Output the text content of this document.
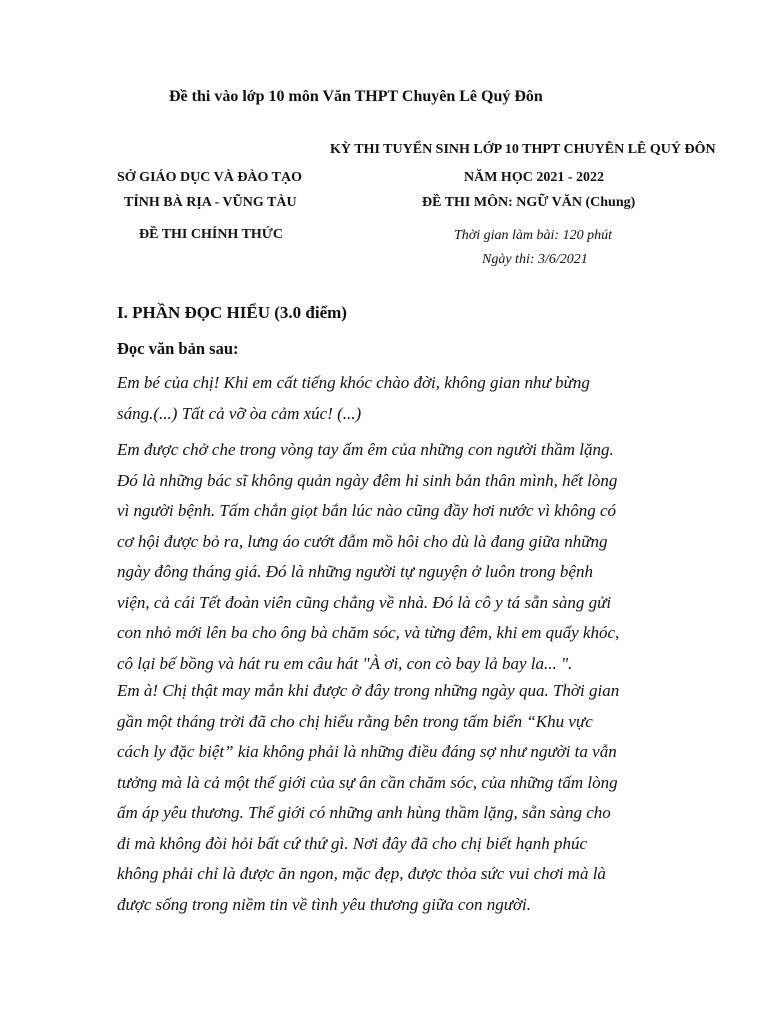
Đề thi vào lớp 10 môn Văn THPT Chuyên Lê Quý Đôn
KỲ THI TUYỂN SINH LỚP 10 THPT CHUYÊN LÊ QUÝ ĐÔN
SỞ GIÁO DỤC VÀ ĐÀO TẠO	NĂM HỌC 2021 - 2022
TỈNH BÀ RỊA - VŨNG TÀU	ĐỀ THI MÔN: NGỮ VĂN (Chung)
ĐỀ THI CHÍNH THỨC	Thời gian làm bài: 120 phút
Ngày thi: 3/6/2021
I. PHẦN ĐỌC HIỂU (3.0 điểm)
Đọc văn bản sau:
Em bé của chị! Khi em cất tiếng khóc chào đời, không gian như bừng
sáng.(...) Tất cả vỡ òa cảm xúc! (...)
Em được chở che trong vòng tay ấm êm của những con người thầm lặng.
Đó là những bác sĩ không quản ngày đêm hi sinh bản thân mình, hết lòng
vì người bệnh. Tấm chắn giọt bắn lúc nào cũng đầy hơi nước vì không có
cơ hội được bỏ ra, lưng áo cướt đẫm mồ hôi cho dù là đang giữa những
ngày đông tháng giá. Đó là những người tự nguyện ở luôn trong bệnh
viện, cả cái Tết đoàn viên cũng chẳng về nhà. Đó là cô y tá sẵn sàng gửi
con nhỏ mới lên ba cho ông bà chăm sóc, và từng đêm, khi em quấy khóc,
cô lại bế bồng và hát ru em câu hát "À ơi, con cò bay lả bay la... ".
Em à! Chị thật may mắn khi được ở đây trong những ngày qua. Thời gian
gần một tháng trời đã cho chị hiểu rằng bên trong tấm biển “Khu vực
cách ly đặc biệt” kia không phải là những điều đáng sợ như người ta vẫn
tưởng mà là cả một thế giới của sự ân cần chăm sóc, của những tấm lòng
ấm áp yêu thương. Thế giới có những anh hùng thầm lặng, sẵn sàng cho
đi mà không đòi hỏi bất cứ thứ gì. Nơi đây đã cho chị biết hạnh phúc
không phải chỉ là được ăn ngon, mặc đẹp, được thỏa sức vui chơi mà là
được sống trong niềm tin về tình yêu thương giữa con người.
